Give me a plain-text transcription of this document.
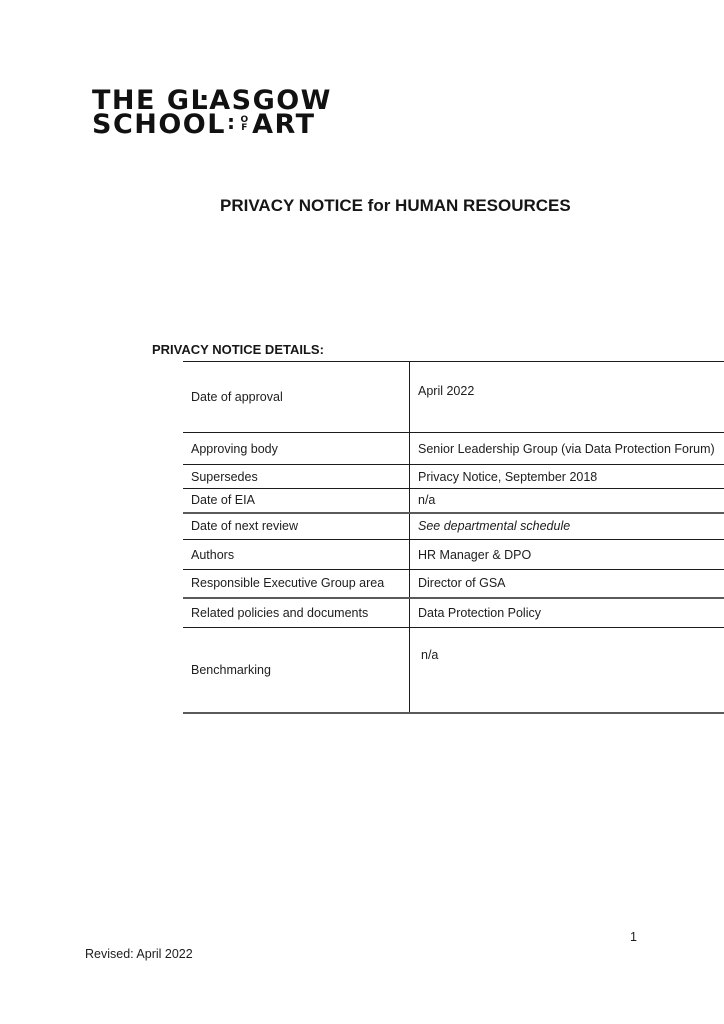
THE GĿASGOW
SCHOOL : O
F ART
PRIVACY NOTICE for HUMAN RESOURCES
PRIVACY NOTICE DETAILS:
Date of approval	April 2022
Approving body	Senior Leadership Group (via Data Protection Forum)
Supersedes	Privacy Notice, September 2018
Date of EIA	n/a
Date of next review	See departmental schedule
Authors	HR Manager & DPO
Responsible Executive Group area	Director of GSA
Related policies and documents	Data Protection Policy
Benchmarking	n/a
1
Revised: April 2022
